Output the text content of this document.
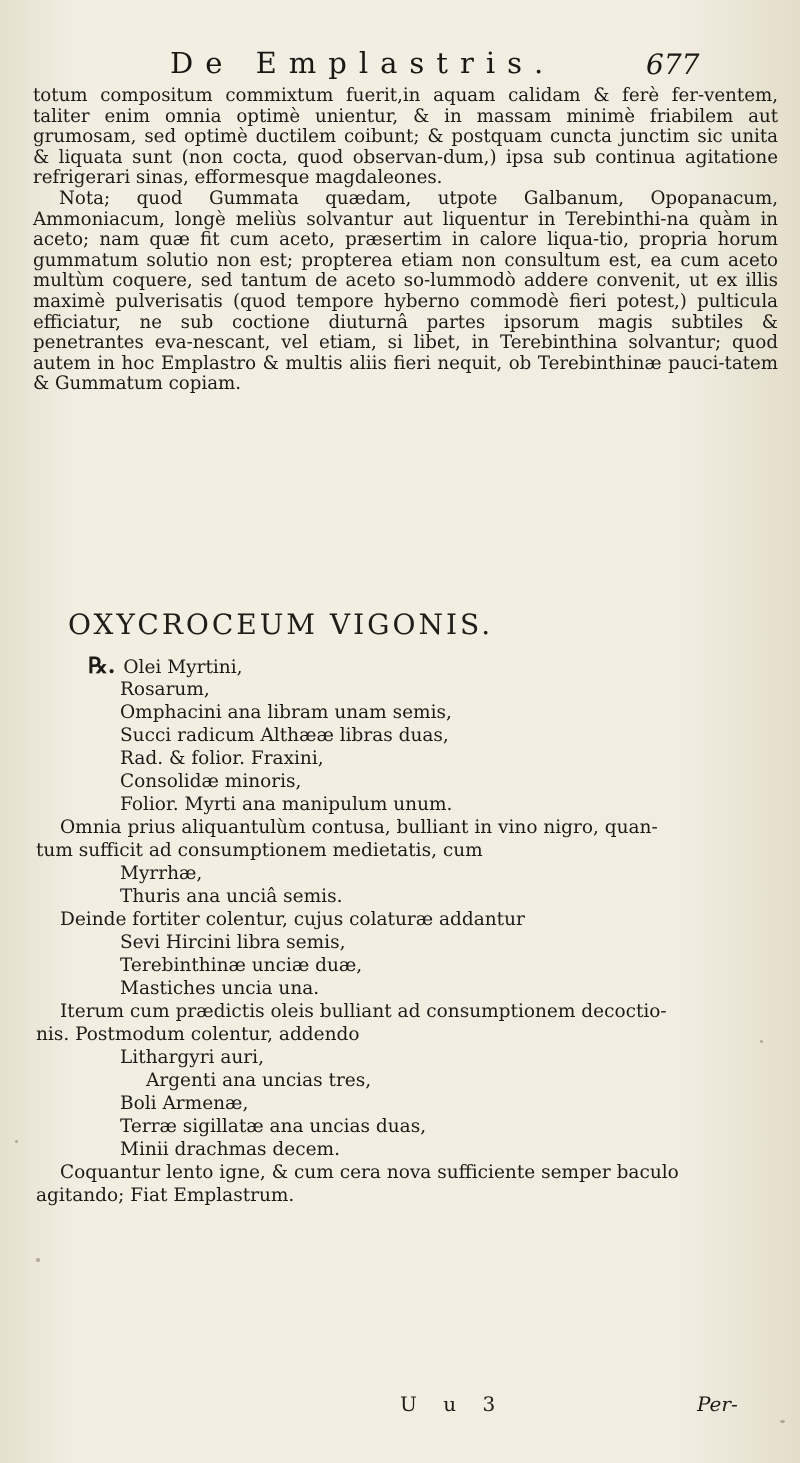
De Emplastris.	677

totum compositum commixtum fuerit,in aquam calidam & ferè fer-ventem, taliter enim omnia optimè unientur, & in massam minimè friabilem aut grumosam, sed optimè ductilem coibunt; & postquam cuncta junctim sic unita & liquata sunt (non cocta, quod observan-dum,) ipsa sub continua agitatione refrigerari sinas, efformesque magdaleones.

Nota; quod Gummata quædam, utpote Galbanum, Opopanacum, Ammoniacum, longè meliùs solvantur aut liquentur in Terebinthi-na quàm in aceto; nam quæ fit cum aceto, præsertim in calore liqua-tio, propria horum gummatum solutio non est; propterea etiam non consultum est, ea cum aceto multùm coquere, sed tantum de aceto so-lummodò addere convenit, ut ex illis maximè pulverisatis (quod tempore hyberno commodè fieri potest,) pulticula efficiatur, ne sub coctione diuturnâ partes ipsorum magis subtiles & penetrantes eva-nescant, vel etiam, si libet, in Terebinthina solvantur; quod autem in hoc Emplastro & multis aliis fieri nequit, ob Terebinthinæ pauci-tatem & Gummatum copiam.

OXYCROCEUM VIGONIS.
℞. Olei Myrtini,
Rosarum,
Omphacini ana libram unam semis,
Succi radicum Althææ libras duas,
Rad. & folior. Fraxini,
Consolidæ minoris,
Folior. Myrti ana manipulum unum.
Omnia prius aliquantulùm contusa, bulliant in vino nigro, quan-
tum sufficit ad consumptionem medietatis, cum
Myrrhæ,
Thuris ana unciâ semis.
Deinde fortiter colentur, cujus colaturæ addantur
Sevi Hircini libra semis,
Terebinthinæ unciæ duæ,
Mastiches uncia una.
Iterum cum prædictis oleis bulliant ad consumptionem decoctio-
nis. Postmodum colentur, addendo
Lithargyri auri,
Argenti ana uncias tres,
Boli Armenæ,
Terræ sigillatæ ana uncias duas,
Minii drachmas decem.
Coquantur lento igne, & cum cera nova sufficiente semper baculo
agitando; Fiat Emplastrum.
U u 3	Per-
